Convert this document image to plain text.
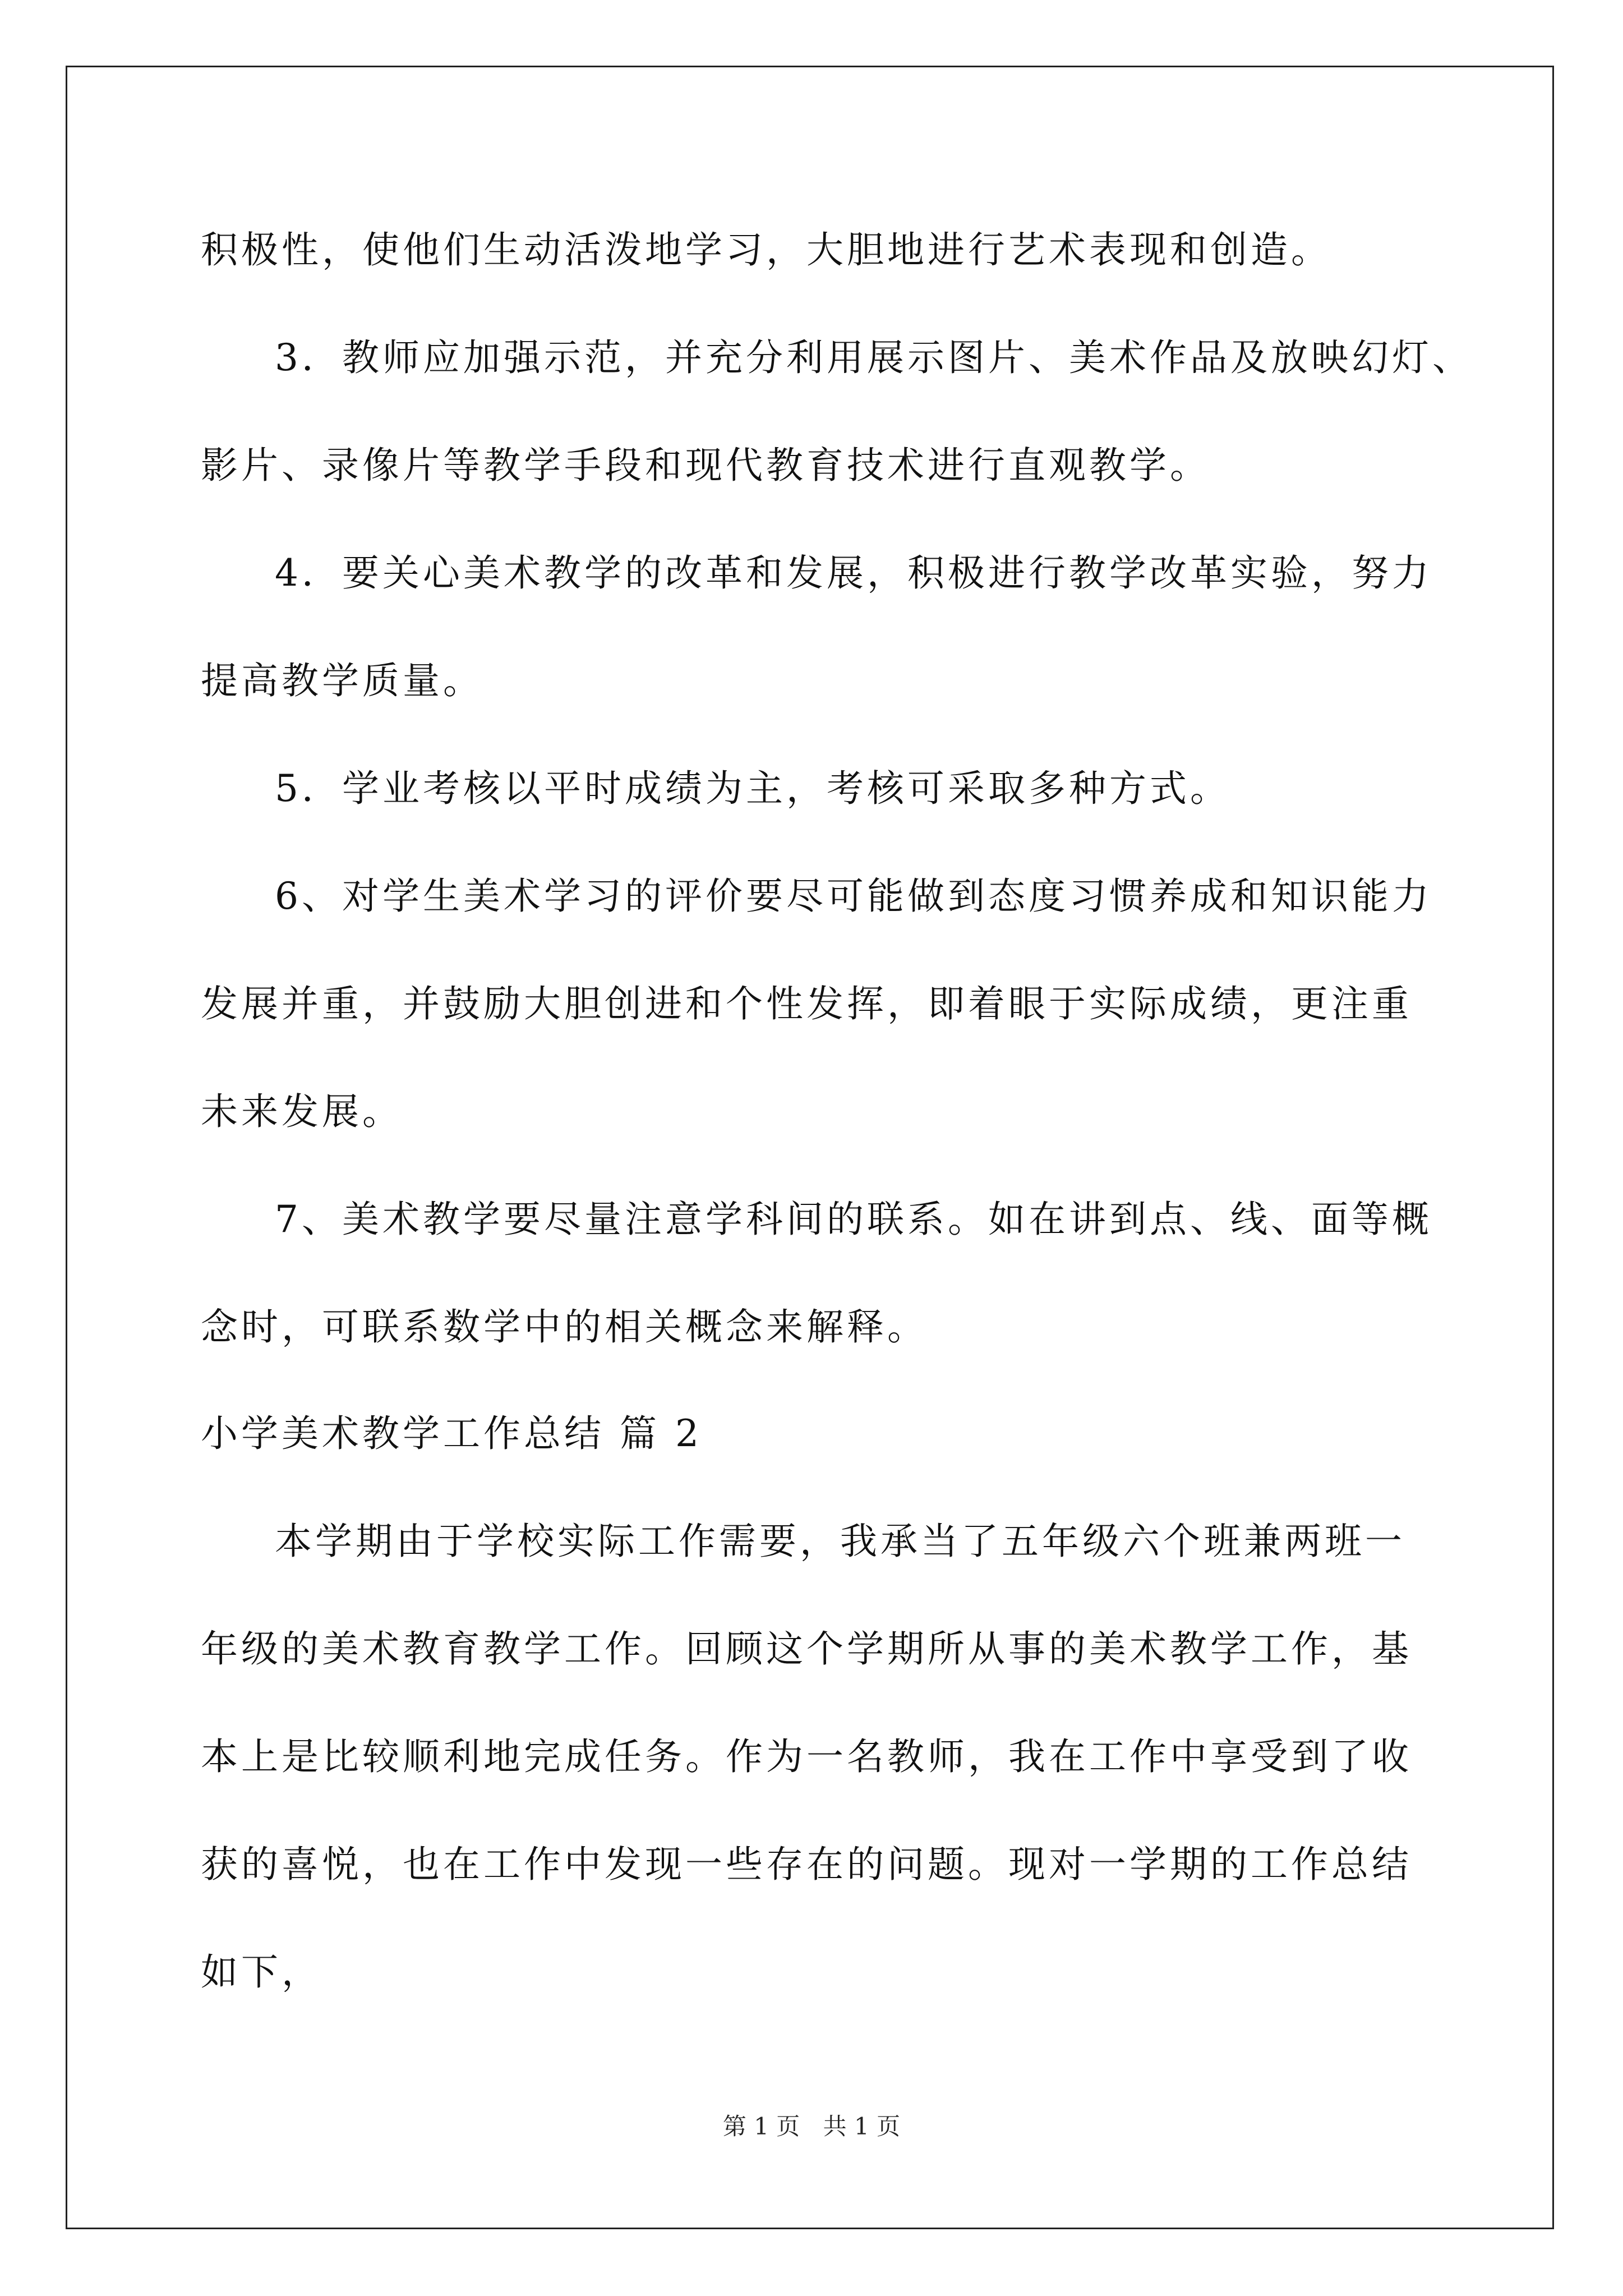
积极性，使他们生动活泼地学习，大胆地进行艺术表现和创造。
3．教师应加强示范，并充分利用展示图片、美术作品及放映幻灯、
影片、录像片等教学手段和现代教育技术进行直观教学。
4．要关心美术教学的改革和发展，积极进行教学改革实验，努力
提高教学质量。
5．学业考核以平时成绩为主，考核可采取多种方式。
6、对学生美术学习的评价要尽可能做到态度习惯养成和知识能力
发展并重，并鼓励大胆创进和个性发挥，即着眼于实际成绩，更注重
未来发展。
7、美术教学要尽量注意学科间的联系。如在讲到点、线、面等概
念时，可联系数学中的相关概念来解释。
小学美术教学工作总结 篇 2
本学期由于学校实际工作需要，我承当了五年级六个班兼两班一
年级的美术教育教学工作。回顾这个学期所从事的美术教学工作，基
本上是比较顺利地完成任务。作为一名教师，我在工作中享受到了收
获的喜悦，也在工作中发现一些存在的问题。现对一学期的工作总结
如下，
第 1 页 共 1 页
